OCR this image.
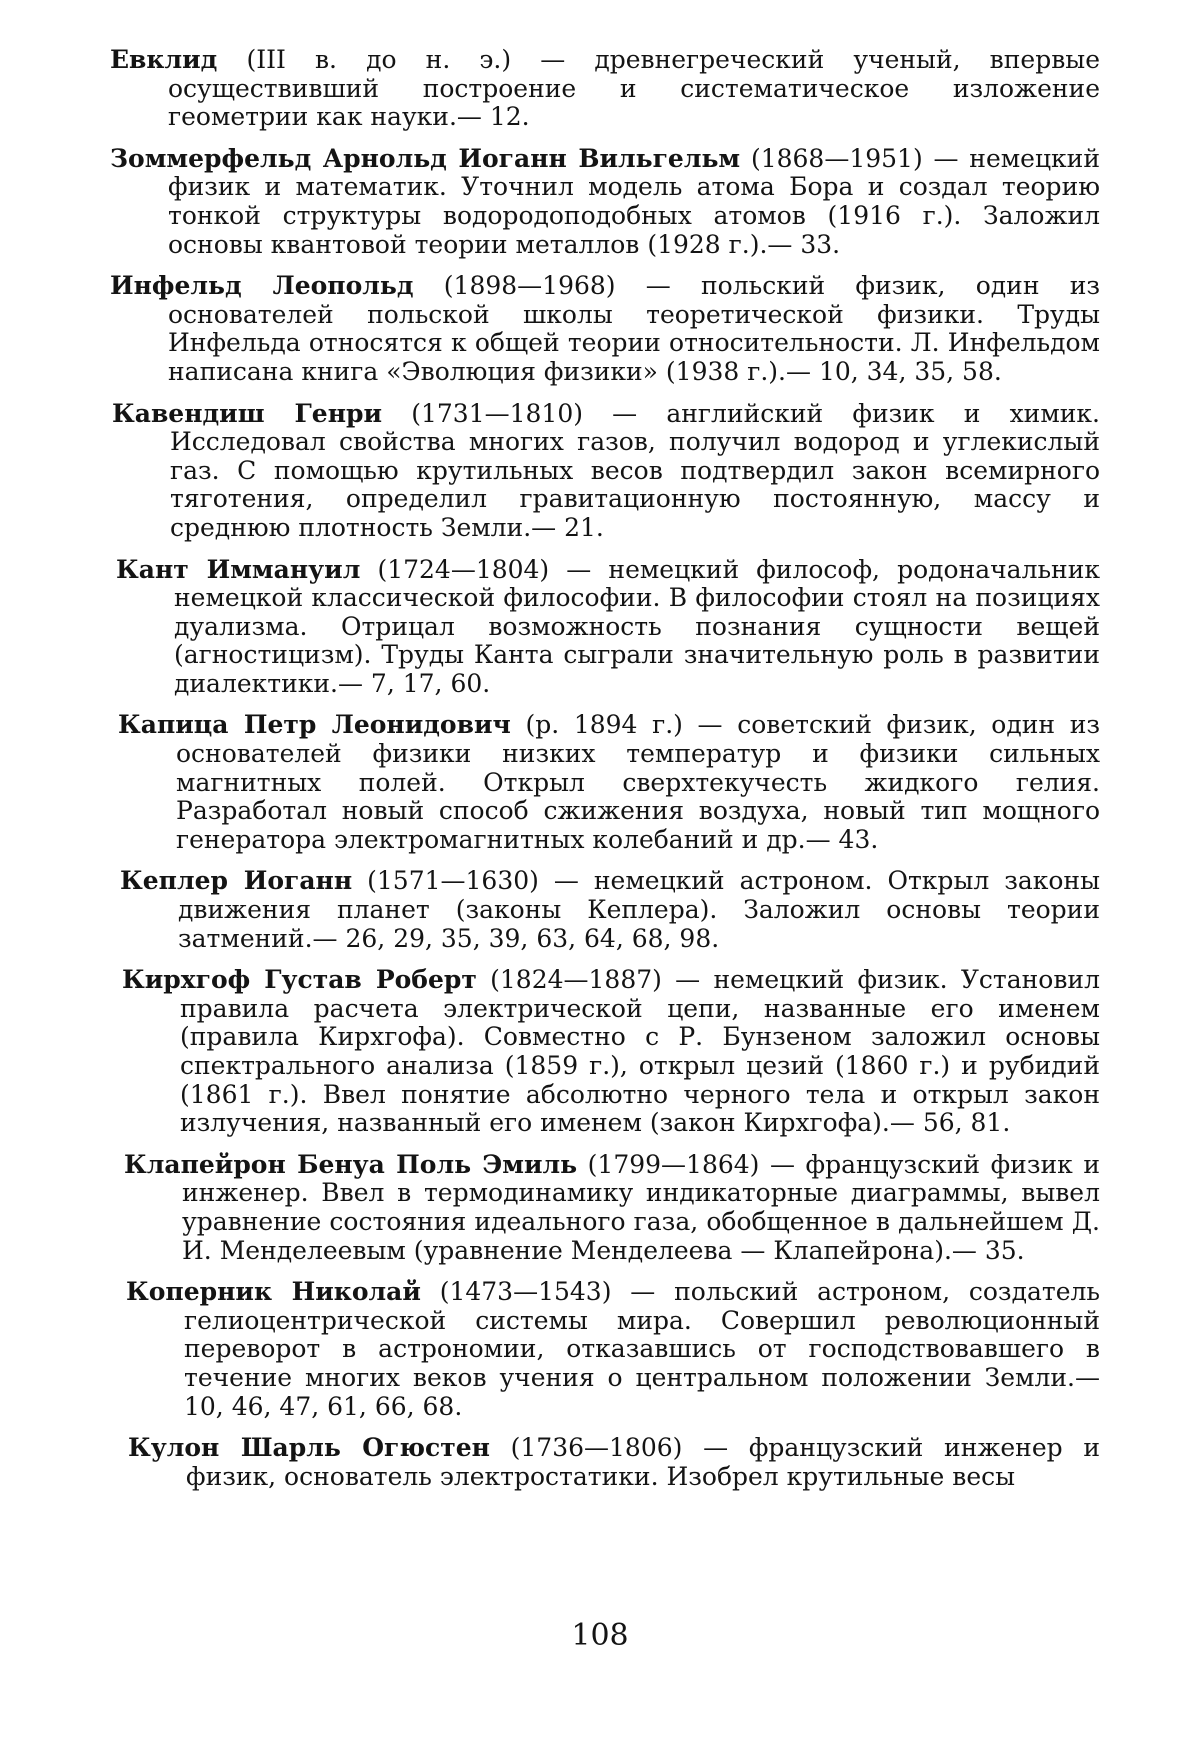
Евклид (III в. до н. э.) — древнегреческий ученый, впервые осуществивший построение и систематическое изложение геометрии как науки.— 12.

Зоммерфельд Арнольд Иоганн Вильгельм (1868—1951) — немецкий физик и математик. Уточнил модель атома Бора и создал теорию тонкой структуры водородоподобных атомов (1916 г.). Заложил основы квантовой теории металлов (1928 г.).— 33.

Инфельд Леопольд (1898—1968) — польский физик, один из основателей польской школы теоретической физики. Труды Инфельда относятся к общей теории относительности. Л. Инфельдом написана книга «Эволюция физики» (1938 г.).— 10, 34, 35, 58.

Кавендиш Генри (1731—1810) — английский физик и химик. Исследовал свойства многих газов, получил водород и углекислый газ. С помощью крутильных весов подтвердил закон всемирного тяготения, определил гравитационную постоянную, массу и среднюю плотность Земли.— 21.

Кант Иммануил (1724—1804) — немецкий философ, родоначальник немецкой классической философии. В философии стоял на позициях дуализма. Отрицал возможность познания сущности вещей (агностицизм). Труды Канта сыграли значительную роль в развитии диалектики.— 7, 17, 60.

Капица Петр Леонидович (р. 1894 г.) — советский физик, один из основателей физики низких температур и физики сильных магнитных полей. Открыл сверхтекучесть жидкого гелия. Разработал новый способ сжижения воздуха, новый тип мощного генератора электромагнитных колебаний и др.— 43.

Кеплер Иоганн (1571—1630) — немецкий астроном. Открыл законы движения планет (законы Кеплера). Заложил основы теории затмений.— 26, 29, 35, 39, 63, 64, 68, 98.

Кирхгоф Густав Роберт (1824—1887) — немецкий физик. Установил правила расчета электрической цепи, названные его именем (правила Кирхгофа). Совместно с Р. Бунзеном заложил основы спектрального анализа (1859 г.), открыл цезий (1860 г.) и рубидий (1861 г.). Ввел понятие абсолютно черного тела и открыл закон излучения, названный его именем (закон Кирхгофа).— 56, 81.

Клапейрон Бенуа Поль Эмиль (1799—1864) — французский физик и инженер. Ввел в термодинамику индикаторные диаграммы, вывел уравнение состояния идеального газа, обобщенное в дальнейшем Д. И. Менделеевым (уравнение Менделеева — Клапейрона).— 35.

Коперник Николай (1473—1543) — польский астроном, создатель гелиоцентрической системы мира. Совершил революционный переворот в астрономии, отказавшись от господствовавшего в течение многих веков учения о центральном положении Земли.— 10, 46, 47, 61, 66, 68.

Кулон Шарль Огюстен (1736—1806) — французский инженер и физик, основатель электростатики. Изобрел крутильные весы

108
